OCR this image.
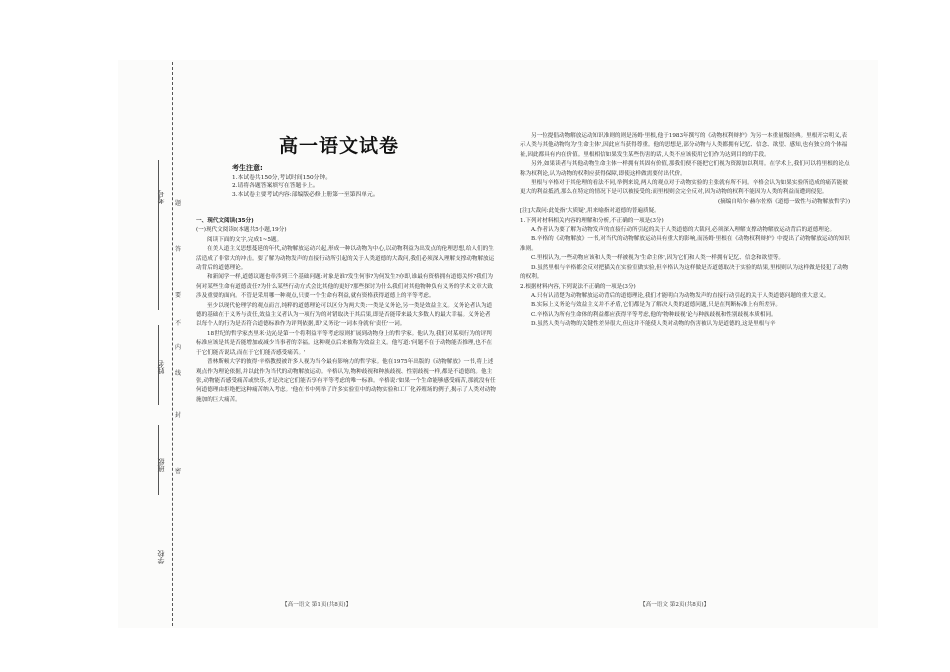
学校
班级
姓名
考号 题
答
要
不
内
线
封
密
高一语文试卷
考生注意:
1.本试卷共150分,考试时间150分钟。
2.请将各题答案填写在答题卡上。
3.本试卷主要考试内容:部编版必修上册第一至第四单元。

一、现代文阅读(35分)

(一)现代文阅读Ⅰ(本题共5小题,19分)

阅读下面的文字,完成1~5题。

在美人道主义思想蔓延的年代,动物解放运动兴起,形成一种以动物为中心,以动物利益为出发点的伦理思想,给人们的生活造成了非常大的冲击。要了解为动物发声的直接行动所引起的关于人类道德的大裁问,我们必须深入理解支撑动物解放运动背后的道德理论。

和新闻学一样,道德议题也牵涉到三个基础问题:对象是谁?发生何事?为何发生?亦即,谁最有资格拥有道德关怀?我们为何对某些生命有道德责任?为什么某些行动方式会比其他的更好?那些探讨为什么我们对其他物种负有义务的学术文章大致涉及重要的面向。不管是采用哪一种观点,只要一个生命有利益,就有资格获得道德上的平等考虑。

至少以现代伦理学的观点而言,纯粹的道德理论可以区分为两大类:一类是义务论,另一类是效益主义。义务论者认为道德的基础在于义务与责任,效益主义者认为一项行为的对错取决于其后果,即是否能带来最大多数人的最大幸福。义务论者以每个人的行为是否符合道德标准作为评判依据,即'义务论'一词本身就有'责任'一词。

18世纪的哲学家杰里米·边沁是第一个将利益平等考虑原则扩展到动物身上的哲学家。他认为,我们对某项行为的评判标准应该是其是否能增加或减少当事者的幸福。这种观点后来被称为效益主义。他写道:'问题不在于动物能否推理,也不在于它们能否说话,而在于它们能否感受痛苦。'

普林斯顿大学的彼得·辛格教授被许多人视为当今最有影响力的哲学家。他在1975年出版的《动物解放》一书,将上述观点作为理论依据,并以此作为当代的动物解放运动。辛格认为,物种歧视和种族歧视、性别歧视一样,都是不道德的。他主张,动物能否感受痛苦或快乐,才是决定它们能否享有平等考虑的唯一标准。辛格说:'如果一个生命能够感受痛苦,那就没有任何道德理由拒绝把这种痛苦纳入考虑。'他在书中列举了许多实验室中的动物实验和工厂化养殖场的例子,揭示了人类对动物施加的巨大痛苦。

【高一语文 第1页(共8页)】

另一位提倡动物解放运动知识准则的则是汤姆·里根,他于1983年撰写的《动物权利辩护》为另一本重量级经典。里根开宗明义,表示人类与其他动物均为'生命主体',因此应当获得尊重。他的思想是,部分动物与人类都拥有记忆、信念、欲望、感知,也有独立的个体福祉,因此都具有内在价值。里根相信如果发生某些伤害的话,人类不应该使用它们作为达到目的的手段。

另外,如果读者与其他动物生命主体一样拥有其固有价值,那我们便不能把它们视为资源加以利用。在学术上,我们可以将里根的论点称为权利论,认为动物的权利应获得保障,即使这样做需要付出代价。

里根与辛格对于其伦理的看法不同,举例来说,两人的观点对于动物实验的主张就有所不同。辛格会认为如果实验所造成的痛苦能被更大的利益抵消,那么在特定的情况下是可以被接受的;而里根则会完全反对,因为动物的权利不能因为人类的利益而遭到侵犯。

(摘编自哈尔·赫尔佐格《道德一致性与动物解放哲学》)

[注]大裁问:此处指'大质疑',用来喻指对道德的普遍质疑。

1.下列对材料相关内容的理解和分析,不正确的一项是(3分)

A.作者认为要了解为动物发声的直接行动所引起的关于人类道德的大裁问,必须深入理解支撑动物解放运动背后的道德理论。

B.辛格的《动物解放》一书,对当代的动物解放运动具有重大的影响,而汤姆·里根在《动物权利辩护》中提出了动物解放运动的知识准则。

C.里根认为,一些动物应该和人类一样被视为'生命主体',因为它们和人类一样拥有记忆、信念和欲望等。

D.虽然里根与辛格都会反对把猫关在实验室做实验,但辛格认为这样做是否道德取决于实验的结果,里根则认为这样做是侵犯了动物的权利。

2.根据材料内容,下列说法不正确的一项是(3分)

A.只有认清楚为动物解放运动背后的道德理论,我们才能明白为动物发声的直接行动引起的关于人类道德问题的重大意义。

B.实际上义务论与效益主义并不矛盾,它们都是为了解决人类的道德问题,只是在判断标准上有所差异。

C.辛格认为所有生命体的利益都应获得平等考虑,他的'物种歧视'论与种族歧视和性别歧视本质相同。

D.虽然人类与动物的关键性差异很大,但这并不能使人类对动物的伤害被认为是道德的,这是里根与辛

【高一语文 第2页(共8页)】
